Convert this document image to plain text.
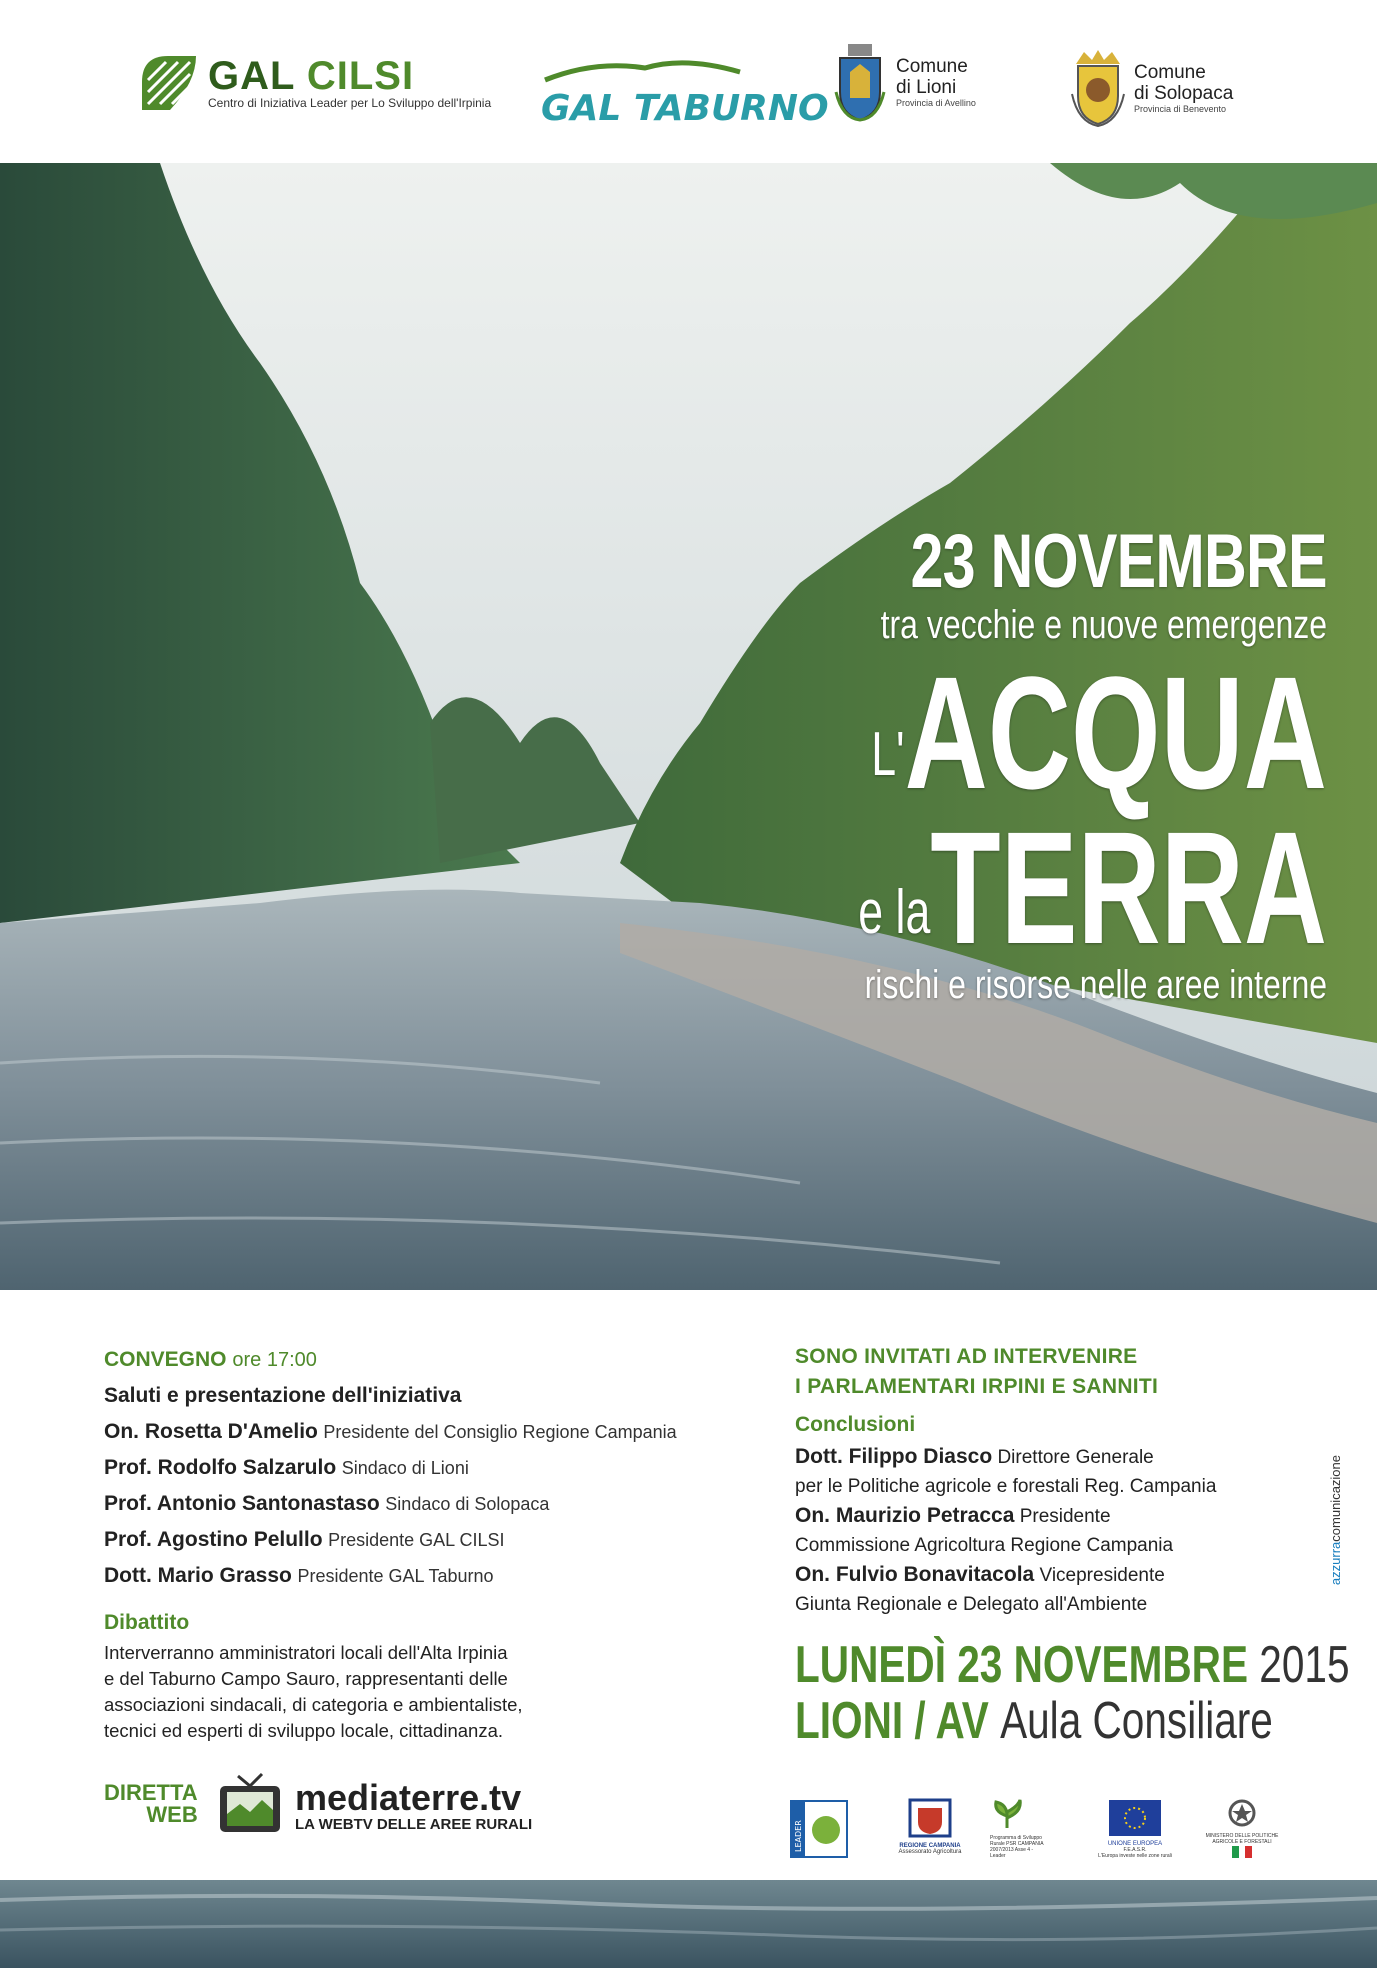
GAL CILSI
Centro di Iniziativa Leader per Lo Sviluppo dell'Irpinia GAL TABURNO
Comune
di Lioni
Provincia di Avellino
Comune
di Solopaca
Provincia di Benevento
23 NOVEMBRE
tra vecchie e nuove emergenze
$^{L'}$ACQUA
e laTERRA
rischi e risorse nelle aree interne
CONVEGNO ore 17:00
Saluti e presentazione dell'iniziativa
On. Rosetta D'Amelio Presidente del Consiglio Regione Campania
Prof. Rodolfo Salzarulo Sindaco di Lioni
Prof. Antonio Santonastaso Sindaco di Solopaca
Prof. Agostino Pelullo Presidente GAL CILSI
Dott. Mario Grasso Presidente GAL Taburno
Dibattito
Interverranno amministratori locali dell'Alta Irpinia
e del Taburno Campo Sauro, rappresentanti delle
associazioni sindacali, di categoria e ambientaliste,
tecnici ed esperti di sviluppo locale, cittadinanza.
SONO INVITATI AD INTERVENIRE
I PARLAMENTARI IRPINI E SANNITI
Conclusioni
Dott. Filippo Diasco Direttore Generale
per le Politiche agricole e forestali Reg. Campania
On. Maurizio Petracca Presidente
Commissione Agricoltura Regione Campania
On. Fulvio Bonavitacola Vicepresidente
Giunta Regionale e Delegato all'Ambiente
LUNEDÌ 23 NOVEMBRE 2015
LIONI / AV Aula Consiliare
azzurracomunicazione
DIRETTA
WEB	mediaterre.tv
LA WEBTV DELLE AREE RURALI	LEADER	REGIONE CAMPANIA
Assessorato Agricoltura
Programma di Sviluppo Rurale PSR CAMPANIA 2007/2013 Asse 4 - Leader
UNIONE EUROPEA
F.E.A.S.R.
L'Europa investe nelle zone rurali
MINISTERO DELLE POLITICHE AGRICOLE E FORESTALI
